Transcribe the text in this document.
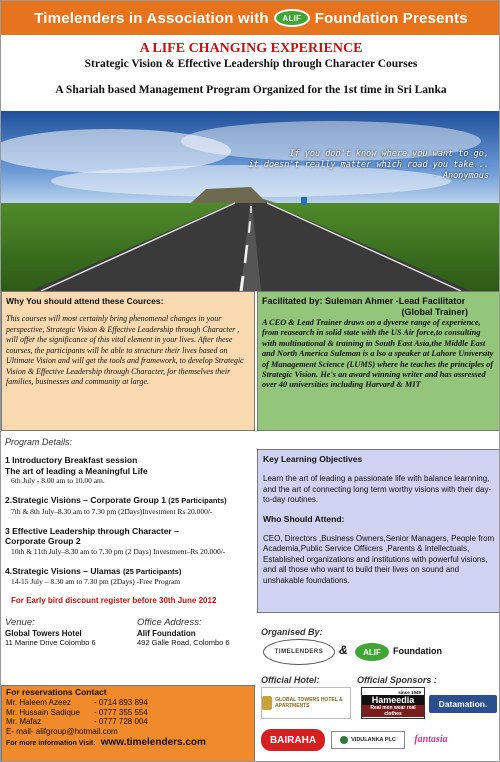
Timelenders in Association with	ALIF Foundation Presents
A LIFE CHANGING EXPERIENCE
Strategic Vision & Effective Leadership through Character Courses
A Shariah based Management Program Organized for the 1st time in Sri Lanka
If you don't know where you want to go,
it doesn't really matter which road you take...
- Anonymous
Why You should attend these Cources:
This courses will most certainly bring phenomenal changes in your perspective, Strategic Vision & Effective Leadership through Character , will offer the significance of this vital element in your lives. After these courses, the participants will be able to structure their lives based on Ultimate Vision and will get the tools and framework, to develop Strategic Vision & Effective Leadership through Character, for themselves their families, businesses and community at large.
Facilitated by: Suleman Ahmer -Lead Facilitator
(Global Trainer)
A CEO & Lead Trainer draws on a dyverse range of experience, from reasearch in solid state with the US Air force,to consulting with multinational & training in South East Asia,the Middle East and North America Suleman is a lso a speaker at Lahore University of Management Science (LUMS) where he teaches the principles of Strategic Vision. He's an award winning writer and has assressed over 40 universities including Harvard & MIT
Program Details:
1 Introductory Breakfast session
The art of leading a Meaningful Life
6th July - 8.00 am to 10.00 am.
2.Strategic Visions – Corporate Group 1 (25 Participants)
7th & 8th July–8.30 am to 7.30 pm (2Days)Investment Rs 20.000/-
3 Effective Leadership through Character –
Corporate Group 2
10th & 11th July–8.30 am to 7.30 pm (2 Days) Investment–Rs 20.000/-
4.Strategic Visions – Ulamas (25 Participants)
14-15 July – 8.30 am to 7.30 pm (2Days) -Free Program
For Early bird discount register before 30th June 2012
Key Learning Objectives
Learn the art of leading a passionate life with balance learnning, and the art of connecting long term worthy visions with their day-to-day routines.
Who Should Attend:
CEO, Directors ,Business Owners,Senior Managers, People from Academia,Public Service Offiicers ,Parents & Intellectuals, Established organizations and institutions with powerful visions, and all those who want to build their lives on sound and unshakable foundations.
Venue:
Global Towers Hotel
11 Marine Drive Colombo 6
Office Address:
Alif Foundation
492 Galle Road, Colombo 6
For reservations Contact
Mr. Haleem Azeez	- 0714 893 894
Mr. Hussain Sadique	- 0777 355 554
Mr. Mafaz	- 0777 728 004
E- mail- alifgroup@hotmail.com
For more information Visit: www.timelenders.com
Organised By:
TIMELENDERS	&	ALIF	Foundation
Official Hotel:	Official Sponsors :
GLOBAL TOWERS HOTEL & APARTMENTS
since 1949
Hameedia
Real men wear real clothes
Datamation.
BAIRAHA	VIDULANKA PLC	fantasia
